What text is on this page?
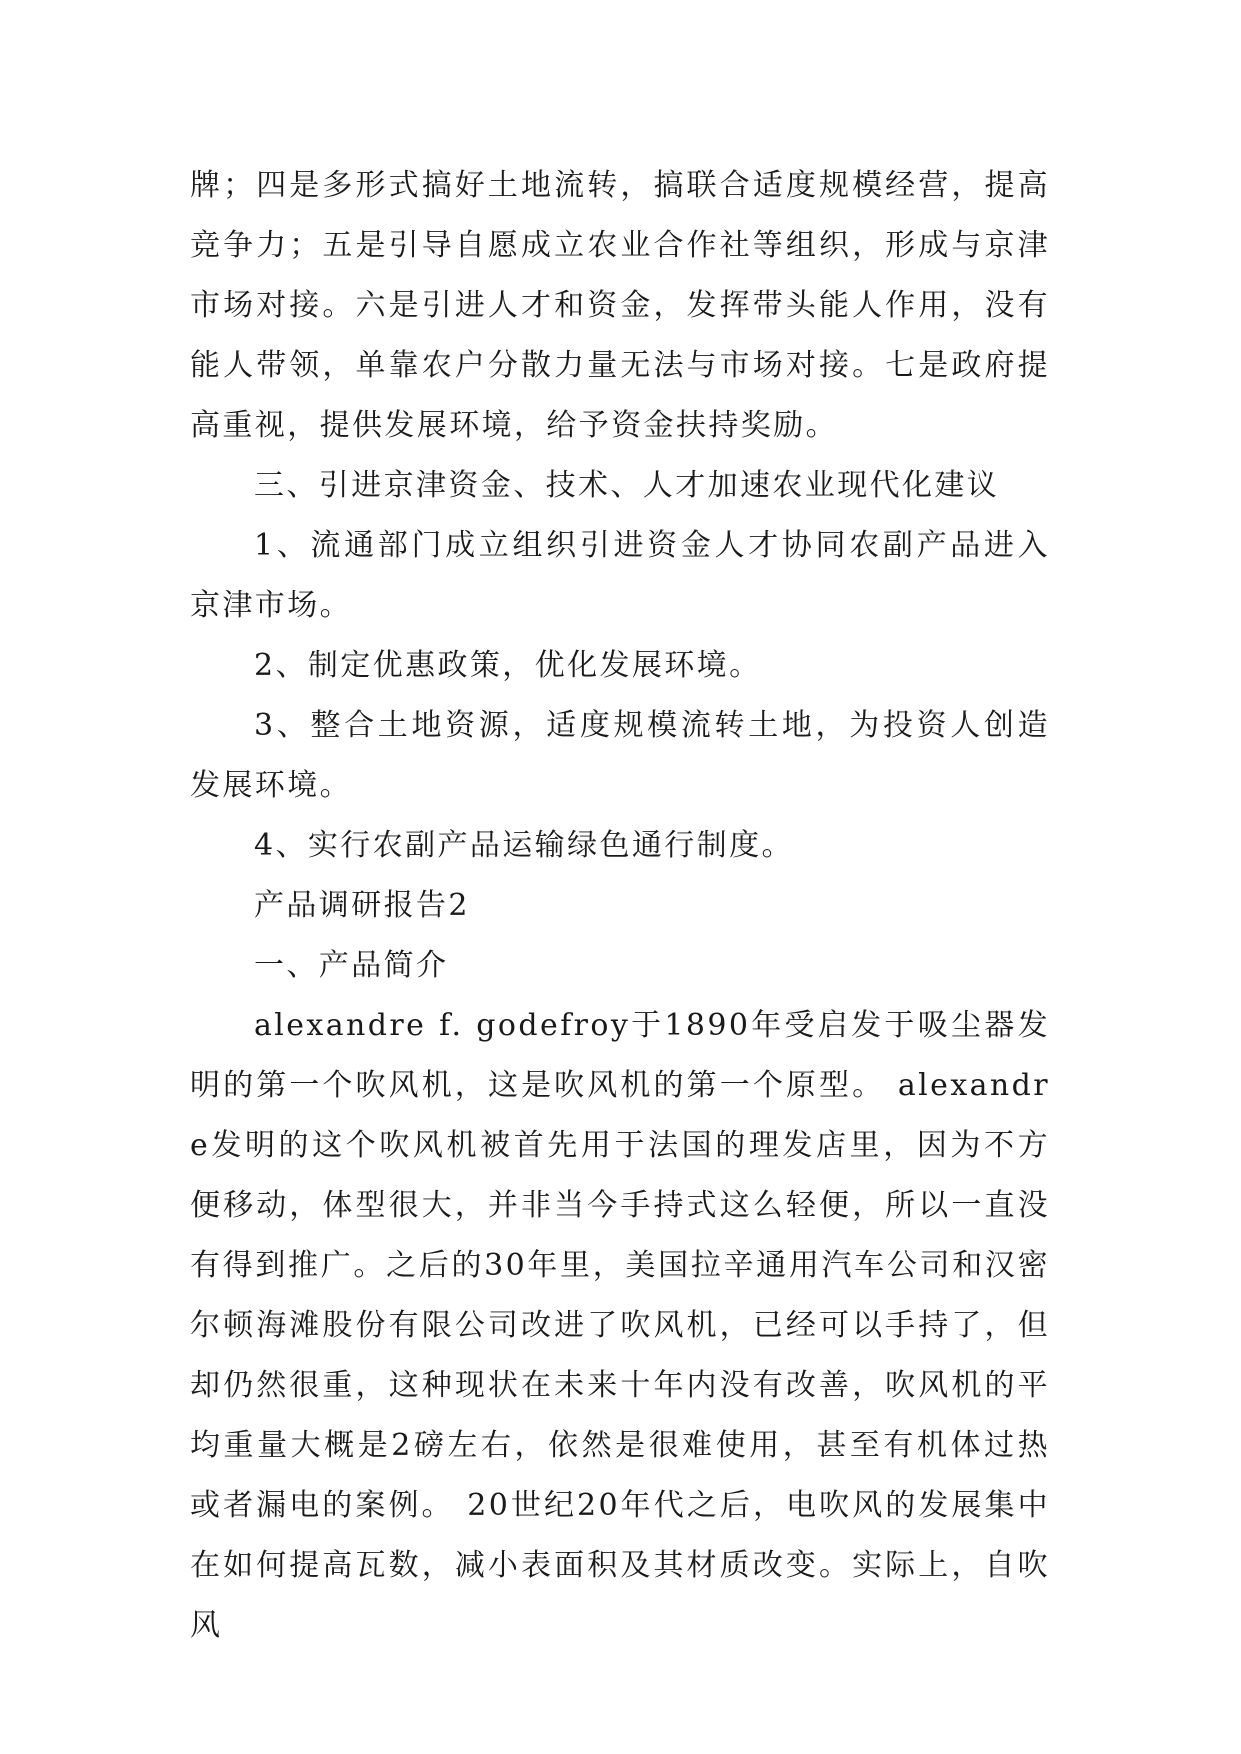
牌；四是多形式搞好土地流转，搞联合适度规模经营，提高竞争力；五是引导自愿成立农业合作社等组织，形成与京津市场对接。六是引进人才和资金，发挥带头能人作用，没有能人带领，单靠农户分散力量无法与市场对接。七是政府提高重视，提供发展环境，给予资金扶持奖励。

三、引进京津资金、技术、人才加速农业现代化建议

1、流通部门成立组织引进资金人才协同农副产品进入京津市场。

2、制定优惠政策，优化发展环境。

3、整合土地资源，适度规模流转土地，为投资人创造发展环境。

4、实行农副产品运输绿色通行制度。

产品调研报告2

一、产品简介

alexandre f. godefroy于1890年受启发于吸尘器发明的第一个吹风机，这是吹风机的第一个原型。 alexandre发明的这个吹风机被首先用于法国的理发店里，因为不方便移动，体型很大，并非当今手持式这么轻便，所以一直没有得到推广。之后的30年里，美国拉辛通用汽车公司和汉密尔顿海滩股份有限公司改进了吹风机，已经可以手持了，但却仍然很重，这种现状在未来十年内没有改善，吹风机的平均重量大概是2磅左右，依然是很难使用，甚至有机体过热或者漏电的案例。 20世纪20年代之后，电吹风的发展集中在如何提高瓦数，减小表面积及其材质改变。实际上，自吹风
